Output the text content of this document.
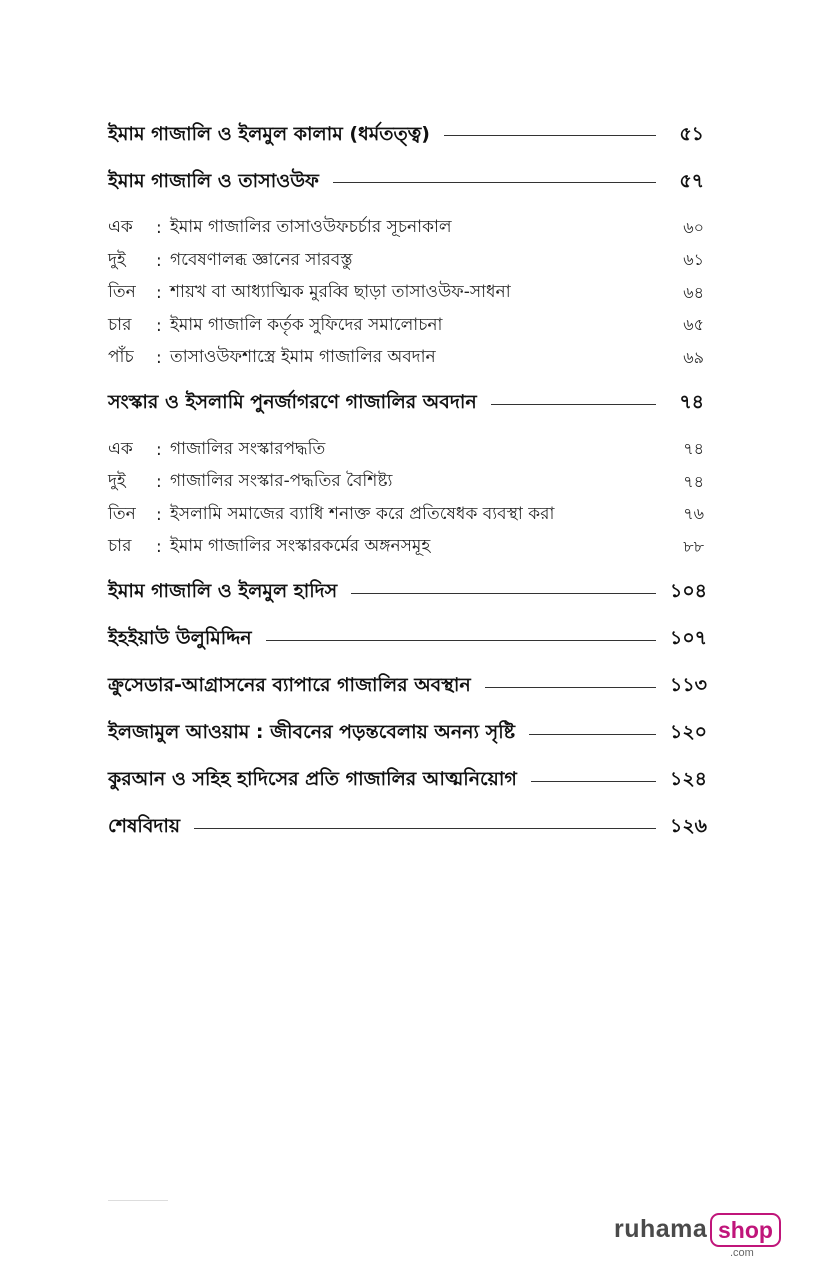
ইমাম গাজালি ও ইলমুল কালাম (ধর্মতত্ত্ব)	৫১
ইমাম গাজালি ও তাসাওউফ	৫৭
এক	: ইমাম গাজালির তাসাওউফচর্চার সূচনাকাল	৬০
দুই	: গবেষণালব্ধ জ্ঞানের সারবস্তু	৬১
তিন	: শায়খ বা আধ্যাত্মিক মুরব্বি ছাড়া তাসাওউফ-সাধনা	৬৪
চার	: ইমাম গাজালি কর্তৃক সুফিদের সমালোচনা	৬৫
পাঁচ	: তাসাওউফশাস্ত্রে ইমাম গাজালির অবদান	৬৯
সংস্কার ও ইসলামি পুনর্জাগরণে গাজালির অবদান	৭৪
এক	: গাজালির সংস্কারপদ্ধতি	৭৪
দুই	: গাজালির সংস্কার-পদ্ধতির বৈশিষ্ট্য	৭৪
তিন	: ইসলামি সমাজের ব্যাধি শনাক্ত করে প্রতিষেধক ব্যবস্থা করা	৭৬
চার	: ইমাম গাজালির সংস্কারকর্মের অঙ্গনসমূহ	৮৮
ইমাম গাজালি ও ইলমুল হাদিস	১০৪
ইহইয়াউ উলুমিদ্দিন	১০৭
ক্রুসেডার-আগ্রাসনের ব্যাপারে গাজালির অবস্থান	১১৩
ইলজামুল আওয়াম : জীবনের পড়ন্তবেলায় অনন্য সৃষ্টি	১২০
কুরআন ও সহিহ হাদিসের প্রতি গাজালির আত্মনিয়োগ	১২৪
শেষবিদায়	১২৬
ruhama shop
.com
